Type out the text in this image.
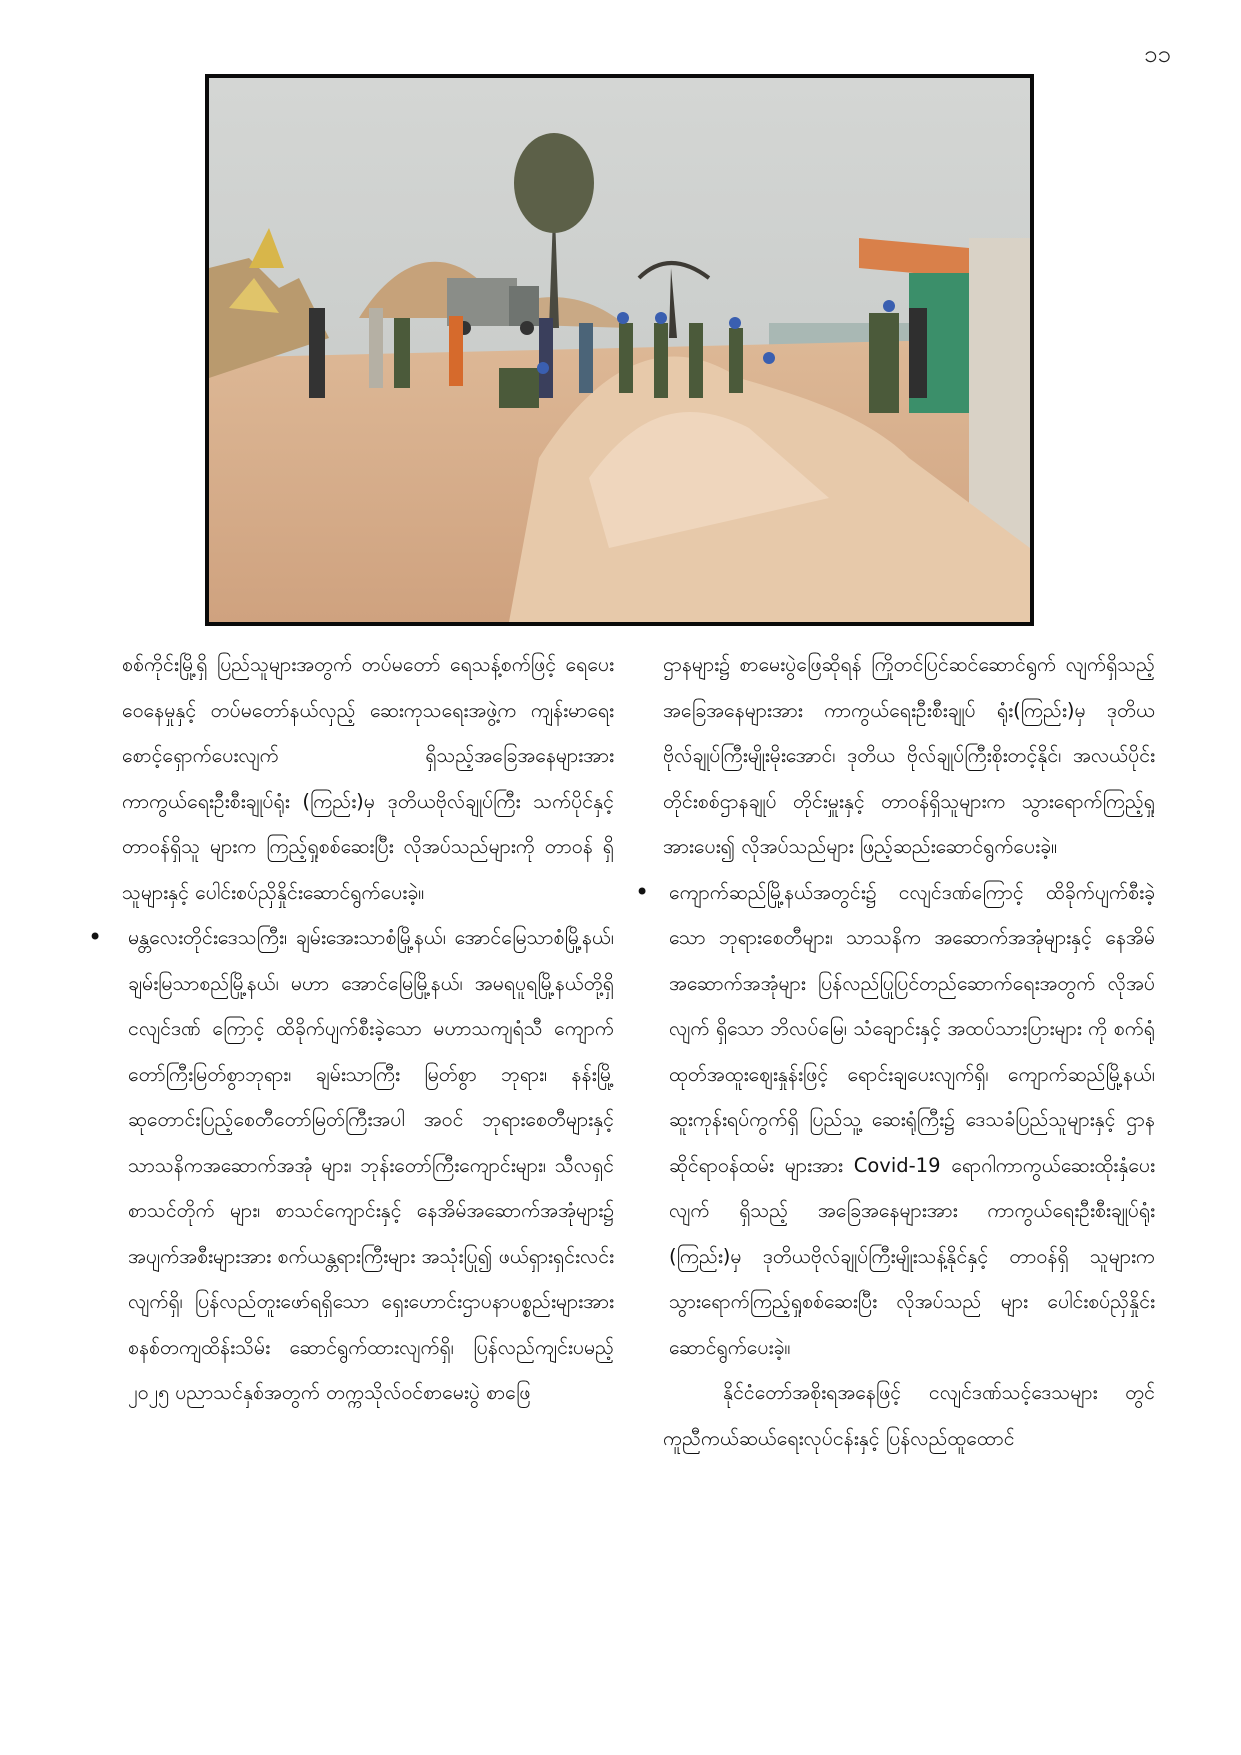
၁၁

စစ်ကိုင်းမြို့ရှိ ပြည်သူများအတွက် တပ်မတော် ရေသန့်စက်ဖြင့် ရေပေးဝေနေမှုနှင့် တပ်မတော်နယ်လှည့် ဆေးကုသရေးအဖွဲ့က ကျန်းမာရေးစောင့်ရှောက်ပေးလျက် ရှိသည့်အခြေအနေများအား ကာကွယ်ရေးဦးစီးချုပ်ရုံး (ကြည်း)မှ ဒုတိယဗိုလ်ချုပ်ကြီး သက်ပိုင်နှင့် တာဝန်ရှိသူ များက ကြည့်ရှုစစ်ဆေးပြီး လိုအပ်သည်များကို တာဝန် ရှိသူများနှင့် ပေါင်းစပ်ညှိနှိုင်းဆောင်ရွက်ပေးခဲ့။

• မန္တလေးတိုင်းဒေသကြီး၊ ချမ်းအေးသာစံမြို့နယ်၊ အောင်မြေသာစံမြို့နယ်၊ ချမ်းမြသာစည်မြို့နယ်၊ မဟာ အောင်မြေမြို့နယ်၊ အမရပူရမြို့နယ်တို့ရှိ ငလျင်ဒဏ် ကြောင့် ထိခိုက်ပျက်စီးခဲ့သော မဟာသကျရံသီ ကျောက်တော်ကြီးမြတ်စွာဘုရား၊ ချမ်းသာကြီး မြတ်စွာ ဘုရား၊ နန်းမြို့ဆုတောင်းပြည့်စေတီတော်မြတ်ကြီးအပါ အဝင် ဘုရားစေတီများနှင့် သာသနိကအဆောက်အအုံ များ၊ ဘုန်းတော်ကြီးကျောင်းများ၊ သီလရှင်စာသင်တိုက် များ၊ စာသင်ကျောင်းနှင့် နေအိမ်အဆောက်အအုံများ၌ အပျက်အစီးများအား စက်ယန္တရားကြီးများ အသုံးပြု၍ ဖယ်ရှားရှင်းလင်းလျက်ရှိ၊ ပြန်လည်တူးဖော်ရရှိသော ရှေးဟောင်းဌာပနာပစ္စည်းများအား စနစ်တကျထိန်းသိမ်း ဆောင်ရွက်ထားလျက်ရှိ၊ ပြန်လည်ကျင်းပမည့် ၂၀၂၅ ပညာသင်နှစ်အတွက် တက္ကသိုလ်ဝင်စာမေးပွဲ စာဖြေ

ဌာနများ၌ စာမေးပွဲဖြေဆိုရန် ကြိုတင်ပြင်ဆင်ဆောင်ရွက် လျက်ရှိသည့်အခြေအနေများအား ကာကွယ်ရေးဦးစီးချုပ် ရုံး(ကြည်း)မှ ဒုတိယဗိုလ်ချုပ်ကြီးမျိုးမိုးအောင်၊ ဒုတိယ ဗိုလ်ချုပ်ကြီးစိုးတင့်နိုင်၊ အလယ်ပိုင်းတိုင်းစစ်ဌာနချုပ် တိုင်းမှူးနှင့် တာဝန်ရှိသူများက သွားရောက်ကြည့်ရှု အားပေး၍ လိုအပ်သည်များ ဖြည့်ဆည်းဆောင်ရွက်ပေးခဲ့။

• ကျောက်ဆည်မြို့နယ်အတွင်း၌ ငလျင်ဒဏ်ကြောင့် ထိခိုက်ပျက်စီးခဲ့သော ဘုရားစေတီများ၊ သာသနိက အဆောက်အအုံများနှင့် နေအိမ်အဆောက်အအုံများ ပြန်လည်ပြုပြင်တည်ဆောက်ရေးအတွက် လိုအပ်လျက် ရှိသော ဘိလပ်မြေ၊ သံချောင်းနှင့် အထပ်သားပြားများ ကို စက်ရုံထုတ်အထူးဈေးနှုန်းဖြင့် ရောင်းချပေးလျက်ရှိ၊ ကျောက်ဆည်မြို့နယ်၊ ဆူးကုန်းရပ်ကွက်ရှိ ပြည်သူ့ ဆေးရုံကြီး၌ ဒေသခံပြည်သူများနှင့် ဌာနဆိုင်ရာဝန်ထမ်း များအား Covid-19 ရောဂါကာကွယ်ဆေးထိုးနှံပေးလျက် ရှိသည့် အခြေအနေများအား ကာကွယ်ရေးဦးစီးချုပ်ရုံး (ကြည်း)မှ ဒုတိယဗိုလ်ချုပ်ကြီးမျိုးသန့်နိုင်နှင့် တာဝန်ရှိ သူများက သွားရောက်ကြည့်ရှုစစ်ဆေးပြီး လိုအပ်သည် များ ပေါင်းစပ်ညှိနှိုင်းဆောင်ရွက်ပေးခဲ့။

နိုင်ငံတော်အစိုးရအနေဖြင့် ငလျင်ဒဏ်သင့်ဒေသများ တွင် ကူညီကယ်ဆယ်ရေးလုပ်ငန်းနှင့် ပြန်လည်ထူထောင်
